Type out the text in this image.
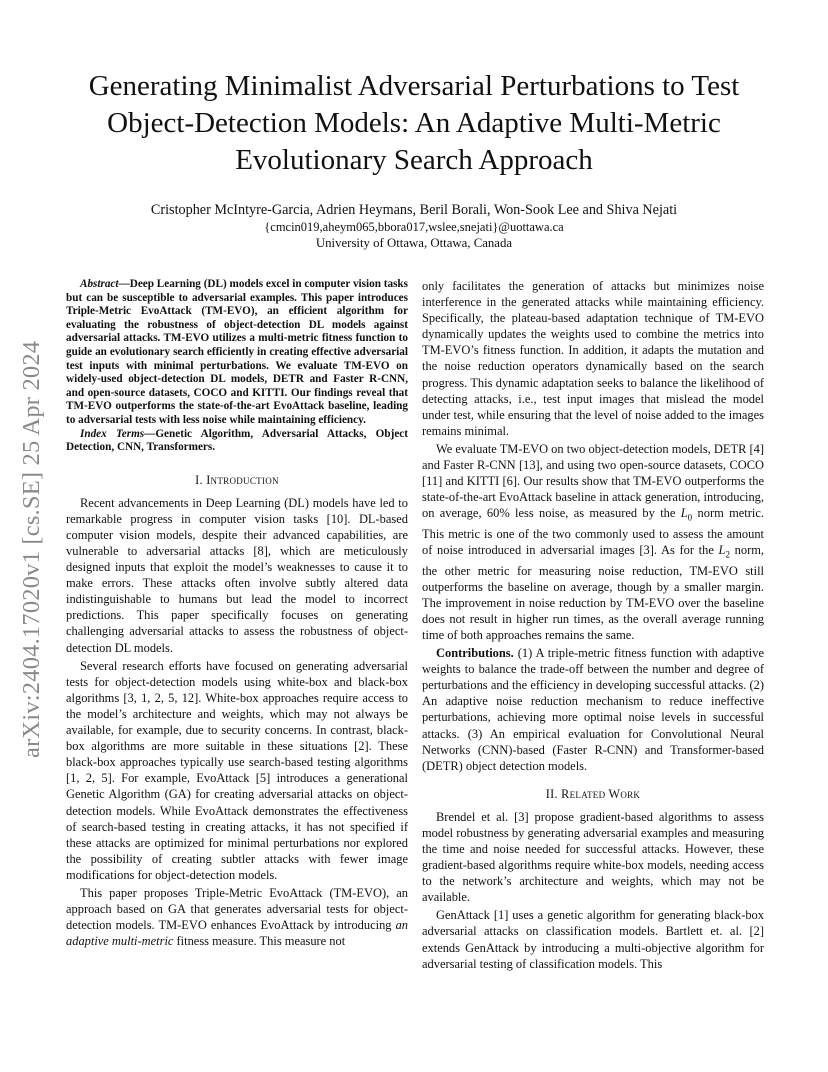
arXiv:2404.17020v1 [cs.SE] 25 Apr 2024
Generating Minimalist Adversarial Perturbations to Test Object-Detection Models: An Adaptive Multi-Metric Evolutionary Search Approach
Cristopher McIntyre-Garcia, Adrien Heymans, Beril Borali, Won-Sook Lee and Shiva Nejati
{cmcin019,aheym065,bbora017,wslee,snejati}@uottawa.ca
University of Ottawa, Ottawa, Canada

Abstract—Deep Learning (DL) models excel in computer vision tasks but can be susceptible to adversarial examples. This paper introduces Triple-Metric EvoAttack (TM-EVO), an efficient algorithm for evaluating the robustness of object-detection DL models against adversarial attacks. TM-EVO utilizes a multi-metric fitness function to guide an evolutionary search efficiently in creating effective adversarial test inputs with minimal perturbations. We evaluate TM-EVO on widely-used object-detection DL models, DETR and Faster R-CNN, and open-source datasets, COCO and KITTI. Our findings reveal that TM-EVO outperforms the state-of-the-art EvoAttack baseline, leading to adversarial tests with less noise while maintaining efficiency.

Index Terms—Genetic Algorithm, Adversarial Attacks, Object Detection, CNN, Transformers.

I. Introduction

Recent advancements in Deep Learning (DL) models have led to remarkable progress in computer vision tasks [10]. DL-based computer vision models, despite their advanced capabilities, are vulnerable to adversarial attacks [8], which are meticulously designed inputs that exploit the model’s weaknesses to cause it to make errors. These attacks often involve subtly altered data indistinguishable to humans but lead the model to incorrect predictions. This paper specifically focuses on generating challenging adversarial attacks to assess the robustness of object-detection DL models.

Several research efforts have focused on generating adversarial tests for object-detection models using white-box and black-box algorithms [3, 1, 2, 5, 12]. White-box approaches require access to the model’s architecture and weights, which may not always be available, for example, due to security concerns. In contrast, black-box algorithms are more suitable in these situations [2]. These black-box approaches typically use search-based testing algorithms [1, 2, 5]. For example, EvoAttack [5] introduces a generational Genetic Algorithm (GA) for creating adversarial attacks on object-detection models. While EvoAttack demonstrates the effectiveness of search-based testing in creating attacks, it has not specified if these attacks are optimized for minimal perturbations nor explored the possibility of creating subtler attacks with fewer image modifications for object-detection models.

This paper proposes Triple-Metric EvoAttack (TM-EVO), an approach based on GA that generates adversarial tests for object-detection models. TM-EVO enhances EvoAttack by introducing an adaptive multi-metric fitness measure. This measure not

only facilitates the generation of attacks but minimizes noise interference in the generated attacks while maintaining efficiency. Specifically, the plateau-based adaptation technique of TM-EVO dynamically updates the weights used to combine the metrics into TM-EVO’s fitness function. In addition, it adapts the mutation and the noise reduction operators dynamically based on the search progress. This dynamic adaptation seeks to balance the likelihood of detecting attacks, i.e., test input images that mislead the model under test, while ensuring that the level of noise added to the images remains minimal.

We evaluate TM-EVO on two object-detection models, DETR [4] and Faster R-CNN [13], and using two open-source datasets, COCO [11] and KITTI [6]. Our results show that TM-EVO outperforms the state-of-the-art EvoAttack baseline in attack generation, introducing, on average, 60% less noise, as measured by the $L_0$ norm metric. This metric is one of the two commonly used to assess the amount of noise introduced in adversarial images [3]. As for the $L_2$ norm, the other metric for measuring noise reduction, TM-EVO still outperforms the baseline on average, though by a smaller margin. The improvement in noise reduction by TM-EVO over the baseline does not result in higher run times, as the overall average running time of both approaches remains the same.

Contributions. (1) A triple-metric fitness function with adaptive weights to balance the trade-off between the number and degree of perturbations and the efficiency in developing successful attacks. (2) An adaptive noise reduction mechanism to reduce ineffective perturbations, achieving more optimal noise levels in successful attacks. (3) An empirical evaluation for Convolutional Neural Networks (CNN)-based (Faster R-CNN) and Transformer-based (DETR) object detection models.

II. Related Work

Brendel et al. [3] propose gradient-based algorithms to assess model robustness by generating adversarial examples and measuring the time and noise needed for successful attacks. However, these gradient-based algorithms require white-box models, needing access to the network’s architecture and weights, which may not be available.

GenAttack [1] uses a genetic algorithm for generating black-box adversarial attacks on classification models. Bartlett et. al. [2] extends GenAttack by introducing a multi-objective algorithm for adversarial testing of classification models. This
